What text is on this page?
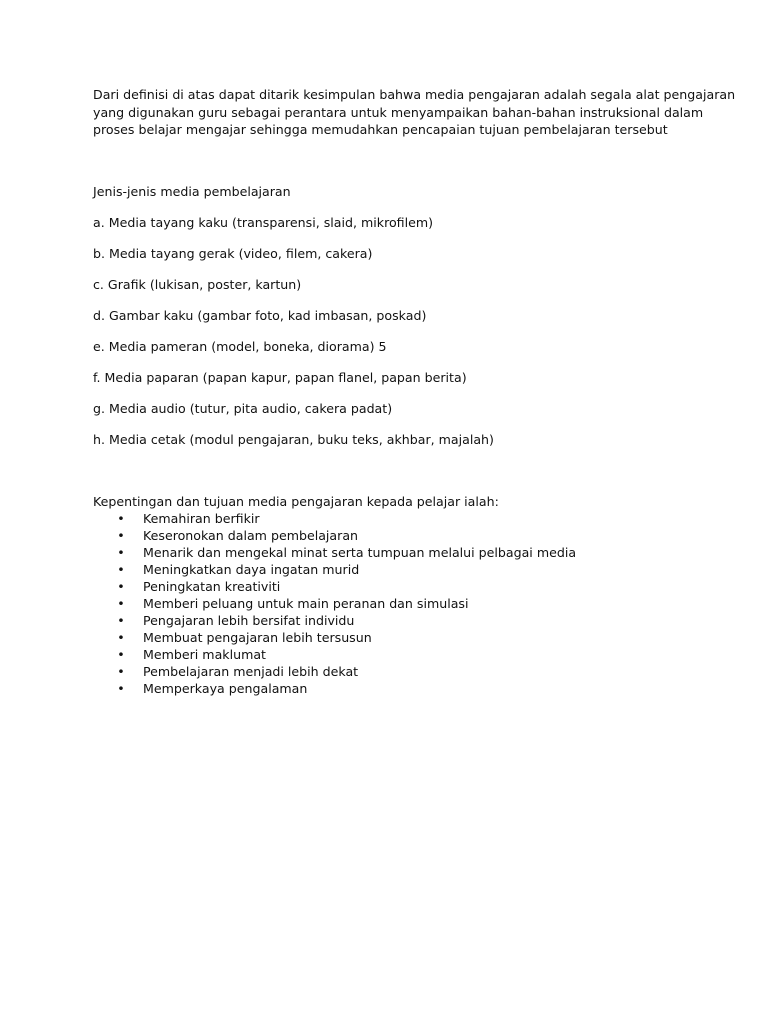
Dari definisi di atas dapat ditarik kesimpulan bahwa media pengajaran adalah segala alat pengajaran

yang digunakan guru sebagai perantara untuk menyampaikan bahan-bahan instruksional dalam

proses belajar mengajar sehingga memudahkan pencapaian tujuan pembelajaran tersebut

Jenis-jenis media pembelajaran

a. Media tayang kaku (transparensi, slaid, mikrofilem)
b. Media tayang gerak (video, filem, cakera)
c. Grafik (lukisan, poster, kartun)
d. Gambar kaku (gambar foto, kad imbasan, poskad)
e. Media pameran (model, boneka, diorama) 5
f. Media paparan (papan kapur, papan flanel, papan berita)
g. Media audio (tutur, pita audio, cakera padat)
h. Media cetak (modul pengajaran, buku teks, akhbar, majalah)

Kepentingan dan tujuan media pengajaran kepada pelajar ialah:

• Kemahiran berfikir
• Keseronokan dalam pembelajaran
• Menarik dan mengekal minat serta tumpuan melalui pelbagai media
• Meningkatkan daya ingatan murid
• Peningkatan kreativiti
• Memberi peluang untuk main peranan dan simulasi
• Pengajaran lebih bersifat individu
• Membuat pengajaran lebih tersusun
• Memberi maklumat
• Pembelajaran menjadi lebih dekat
• Memperkaya pengalaman
